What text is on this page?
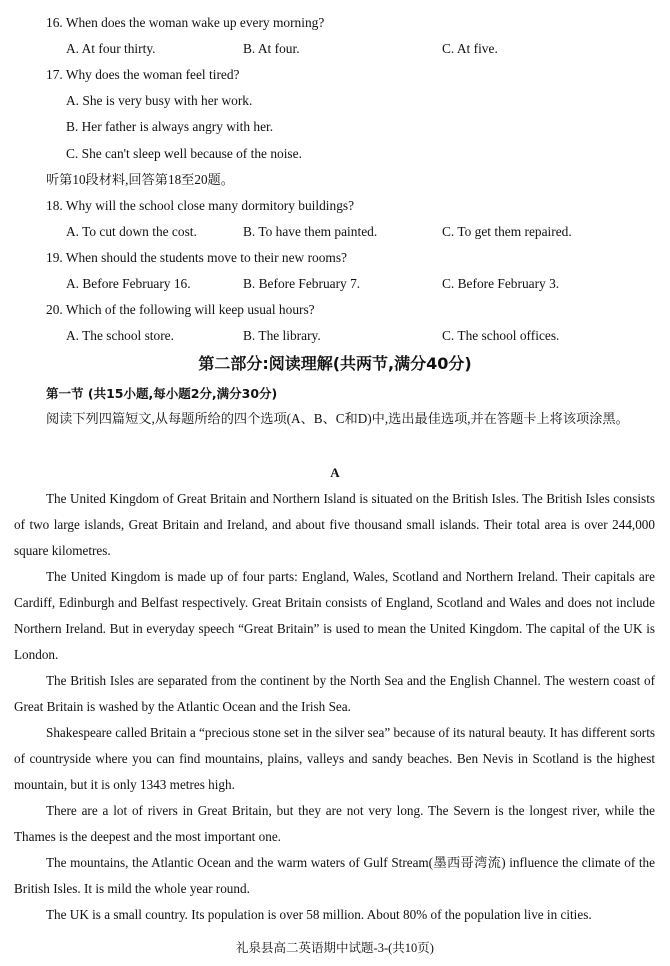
16. When does the woman wake up every morning?
A. At four thirty.	B. At four.	C. At five.
17. Why does the woman feel tired?
A. She is very busy with her work.
B. Her father is always angry with her.
C. She can't sleep well because of the noise.
听第10段材料,回答第18至20题。
18. Why will the school close many dormitory buildings?
A. To cut down the cost.	B. To have them painted.	C. To get them repaired.
19. When should the students move to their new rooms?
A. Before February 16.	B. Before February 7.	C. Before February 3.
20. Which of the following will keep usual hours?
A. The school store.	B. The library.	C. The school offices.
第二部分:阅读理解(共两节,满分40分)
第一节 (共15小题,每小题2分,满分30分)
阅读下列四篇短文,从每题所给的四个选项(A、B、C和D)中,选出最佳选项,并在答题卡上将该项涂黑。
A
The United Kingdom of Great Britain and Northern Island is situated on the British Isles. The British Isles consists of two large islands, Great Britain and Ireland, and about five thousand small islands. Their total area is over 244,000 square kilometres.
The United Kingdom is made up of four parts: England, Wales, Scotland and Northern Ireland. Their capitals are Cardiff, Edinburgh and Belfast respectively. Great Britain consists of England, Scotland and Wales and does not include Northern Ireland. But in everyday speech “Great Britain” is used to mean the United Kingdom. The capital of the UK is London.
The British Isles are separated from the continent by the North Sea and the English Channel. The western coast of Great Britain is washed by the Atlantic Ocean and the Irish Sea.
Shakespeare called Britain a “precious stone set in the silver sea” because of its natural beauty. It has different sorts of countryside where you can find mountains, plains, valleys and sandy beaches. Ben Nevis in Scotland is the highest mountain, but it is only 1343 metres high.
There are a lot of rivers in Great Britain, but they are not very long. The Severn is the longest river, while the Thames is the deepest and the most important one.
The mountains, the Atlantic Ocean and the warm waters of Gulf Stream(墨西哥湾流) influence the climate of the British Isles. It is mild the whole year round.
The UK is a small country. Its population is over 58 million. About 80% of the population live in cities.
礼泉县高二英语期中试题-3-(共10页)
